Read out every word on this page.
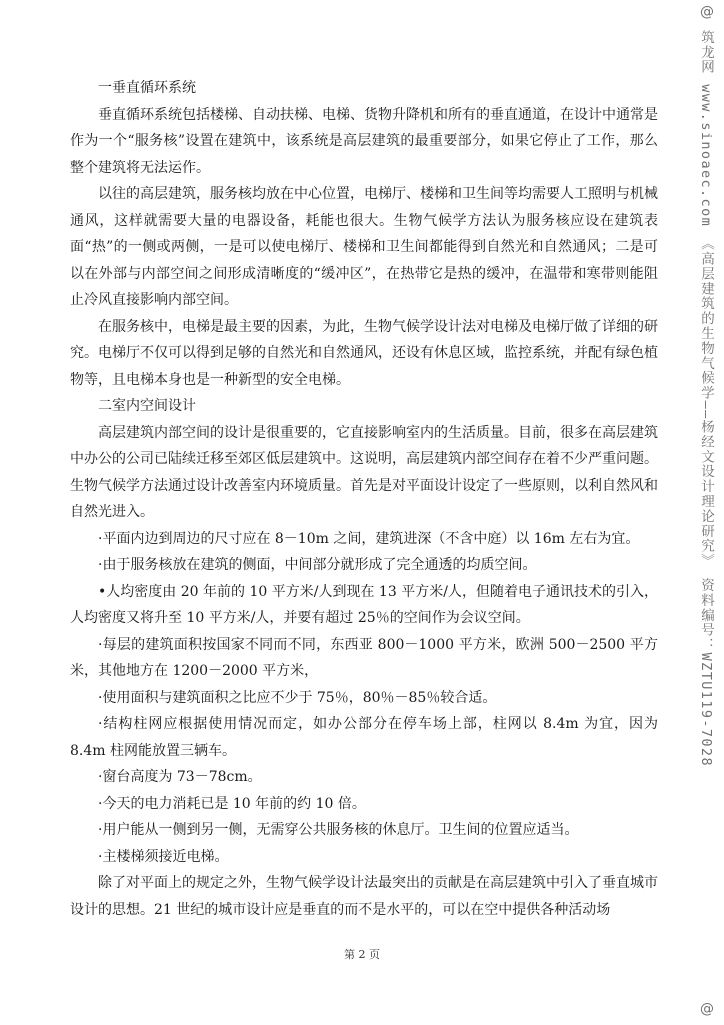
一垂直循环系统

垂直循环系统包括楼梯、自动扶梯、电梯、货物升降机和所有的垂直通道，在设计中通常是作为一个“服务核”设置在建筑中，该系统是高层建筑的最重要部分，如果它停止了工作，那么整个建筑将无法运作。

以往的高层建筑，服务核均放在中心位置，电梯厅、楼梯和卫生间等均需要人工照明与机械通风，这样就需要大量的电器设备，耗能也很大。生物气候学方法认为服务核应设在建筑表面“热”的一侧或两侧，一是可以使电梯厅、楼梯和卫生间都能得到自然光和自然通风；二是可以在外部与内部空间之间形成清晰度的“缓冲区”，在热带它是热的缓冲，在温带和寒带则能阻止冷风直接影响内部空间。

在服务核中，电梯是最主要的因素，为此，生物气候学设计法对电梯及电梯厅做了详细的研究。电梯厅不仅可以得到足够的自然光和自然通风，还设有休息区域，监控系统，并配有绿色植物等，且电梯本身也是一种新型的安全电梯。

二室内空间设计

高层建筑内部空间的设计是很重要的，它直接影响室内的生活质量。目前，很多在高层建筑中办公的公司已陆续迁移至郊区低层建筑中。这说明，高层建筑内部空间存在着不少严重问题。生物气候学方法通过设计改善室内环境质量。首先是对平面设计设定了一些原则，以利自然风和自然光进入。

·平面内边到周边的尺寸应在 8－10m 之间，建筑进深（不含中庭）以 16m 左右为宜。

·由于服务核放在建筑的侧面，中间部分就形成了完全通透的均质空间。

•人均密度由 20 年前的 10 平方米/人到现在 13 平方米/人，但随着电子通讯技术的引入，人均密度又将升至 10 平方米/人，并要有超过 25％的空间作为会议空间。

·每层的建筑面积按国家不同而不同，东西亚 800－1000 平方米，欧洲 500－2500 平方米，其他地方在 1200－2000 平方米，

·使用面积与建筑面积之比应不少于 75％，80％－85％较合适。

·结构柱网应根据使用情况而定，如办公部分在停车场上部，柱网以 8.4m 为宜，因为 8.4m 柱网能放置三辆车。

·窗台高度为 73－78cm。

·今天的电力消耗已是 10 年前的约 10 倍。

·用户能从一侧到另一侧，无需穿公共服务核的休息厅。卫生间的位置应适当。

·主楼梯须接近电梯。

除了对平面上的规定之外，生物气候学设计法最突出的贡献是在高层建筑中引入了垂直城市设计的思想。21 世纪的城市设计应是垂直的而不是水平的，可以在空中提供各种活动场

第 2 页
@
筑龙网 www.sinoaec.com 《高层建筑的生物气候学——杨经文设计理论研究》 资料编号：WZTU119-7028
@
